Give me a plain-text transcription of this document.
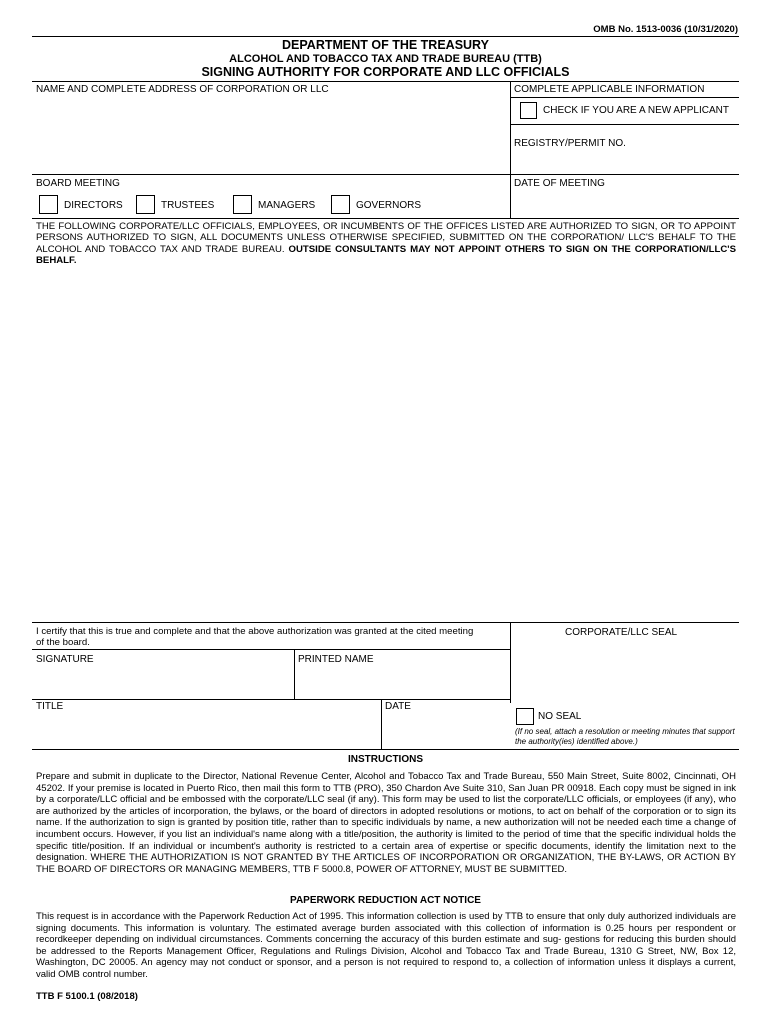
OMB No. 1513-0036 (10/31/2020)
DEPARTMENT OF THE TREASURY
ALCOHOL AND TOBACCO TAX AND TRADE BUREAU (TTB)
SIGNING AUTHORITY FOR CORPORATE AND LLC OFFICIALS
NAME AND COMPLETE ADDRESS OF CORPORATION OR LLC	COMPLETE APPLICABLE INFORMATION
CHECK IF YOU ARE A NEW APPLICANT
REGISTRY/PERMIT NO.
BOARD MEETING
DIRECTORS	TRUSTEES	MANAGERS	GOVERNORS
DATE OF MEETING
THE FOLLOWING CORPORATE/LLC OFFICIALS, EMPLOYEES, OR INCUMBENTS OF THE OFFICES LISTED ARE AUTHORIZED TO SIGN, OR TO APPOINT PERSONS AUTHORIZED TO SIGN, ALL DOCUMENTS UNLESS OTHERWISE SPECIFIED, SUBMITTED ON THE CORPORATION/ LLC'S BEHALF TO THE ALCOHOL AND TOBACCO TAX AND TRADE BUREAU. OUTSIDE CONSULTANTS MAY NOT APPOINT OTHERS TO SIGN ON THE CORPORATION/LLC'S BEHALF.
I certify that this is true and complete and that the above authorization was granted at the cited meeting of the board.
CORPORATE/LLC SEAL
SIGNATURE	PRINTED NAME
TITLE	DATE
NO SEAL
(If no seal, attach a resolution or meeting minutes that support the authority(ies) identified above.)
INSTRUCTIONS
Prepare and submit in duplicate to the Director, National Revenue Center, Alcohol and Tobacco Tax and Trade Bureau, 550 Main Street, Suite 8002, Cincinnati, OH 45202. If your premise is located in Puerto Rico, then mail this form to TTB (PRO), 350 Chardon Ave Suite 310, San Juan PR 00918. Each copy must be signed in ink by a corporate/LLC official and be embossed with the corporate/LLC seal (if any). This form may be used to list the corporate/LLC officials, or employees (if any), who are authorized by the articles of incorporation, the bylaws, or the board of directors in adopted resolutions or motions, to act on behalf of the corporation or to sign its name. If the authorization to sign is granted by position title, rather than to specific individuals by name, a new authorization will not be needed each time a change of incumbent occurs. However, if you list an individual's name along with a title/position, the authority is limited to the period of time that the specific individual holds the specific title/position. If an individual or incumbent's authority is restricted to a certain area of expertise or specific documents, identify the limitation next to the designation. WHERE THE AUTHORIZATION IS NOT GRANTED BY THE ARTICLES OF INCORPORATION OR ORGANIZATION, THE BY-LAWS, OR ACTION BY THE BOARD OF DIRECTORS OR MANAGING MEMBERS, TTB F 5000.8, POWER OF ATTORNEY, MUST BE SUBMITTED.
PAPERWORK REDUCTION ACT NOTICE
This request is in accordance with the Paperwork Reduction Act of 1995. This information collection is used by TTB to ensure that only duly authorized individuals are signing documents. This information is voluntary. The estimated average burden associated with this collection of information is 0.25 hours per respondent or recordkeeper depending on individual circumstances. Comments concerning the accuracy of this burden estimate and sug- gestions for reducing this burden should be addressed to the Reports Management Officer, Regulations and Rulings Division, Alcohol and Tobacco Tax and Trade Bureau, 1310 G Street, NW, Box 12, Washington, DC 20005. An agency may not conduct or sponsor, and a person is not required to respond to, a collection of information unless it displays a current, valid OMB control number.
TTB F 5100.1 (08/2018)
